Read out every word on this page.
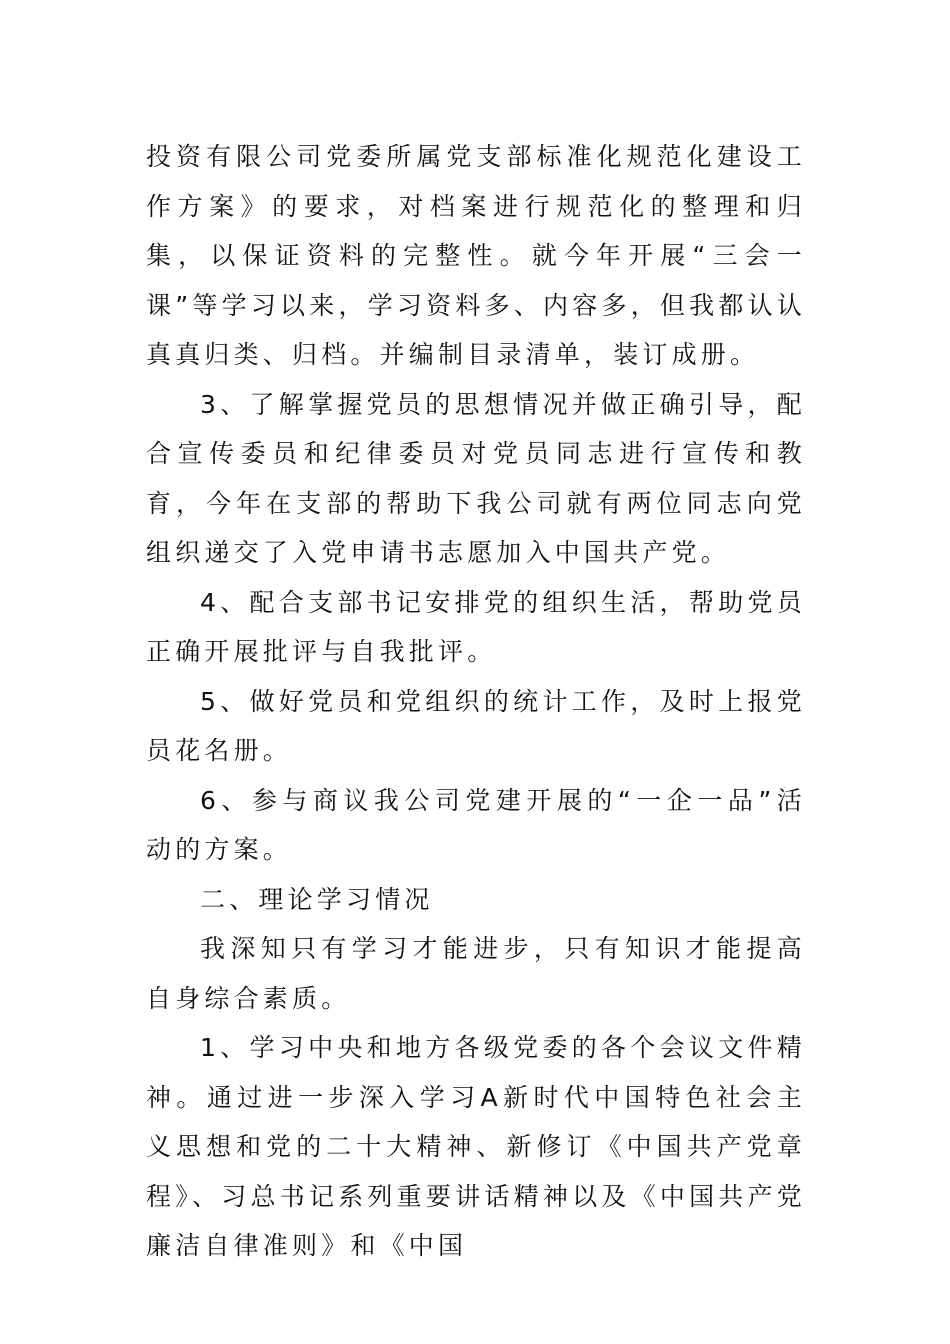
投资有限公司党委所属党支部标准化规范化建设工作方案》的要求，对档案进行规范化的整理和归集，以保证资料的完整性。就今年开展“三会一课”等学习以来，学习资料多、内容多，但我都认认真真归类、归档。并编制目录清单，装订成册。

3、了解掌握党员的思想情况并做正确引导，配合宣传委员和纪律委员对党员同志进行宣传和教育，今年在支部的帮助下我公司就有两位同志向党组织递交了入党申请书志愿加入中国共产党。

4、配合支部书记安排党的组织生活，帮助党员正确开展批评与自我批评。

5、做好党员和党组织的统计工作，及时上报党员花名册。

6、参与商议我公司党建开展的“一企一品”活动的方案。

二、理论学习情况

我深知只有学习才能进步，只有知识才能提高自身综合素质。

1、学习中央和地方各级党委的各个会议文件精神。通过进一步深入学习A新时代中国特色社会主义思想和党的二十大精神、新修订《中国共产党章程》、习总书记系列重要讲话精神以及《中国共产党廉洁自律准则》和《中国
